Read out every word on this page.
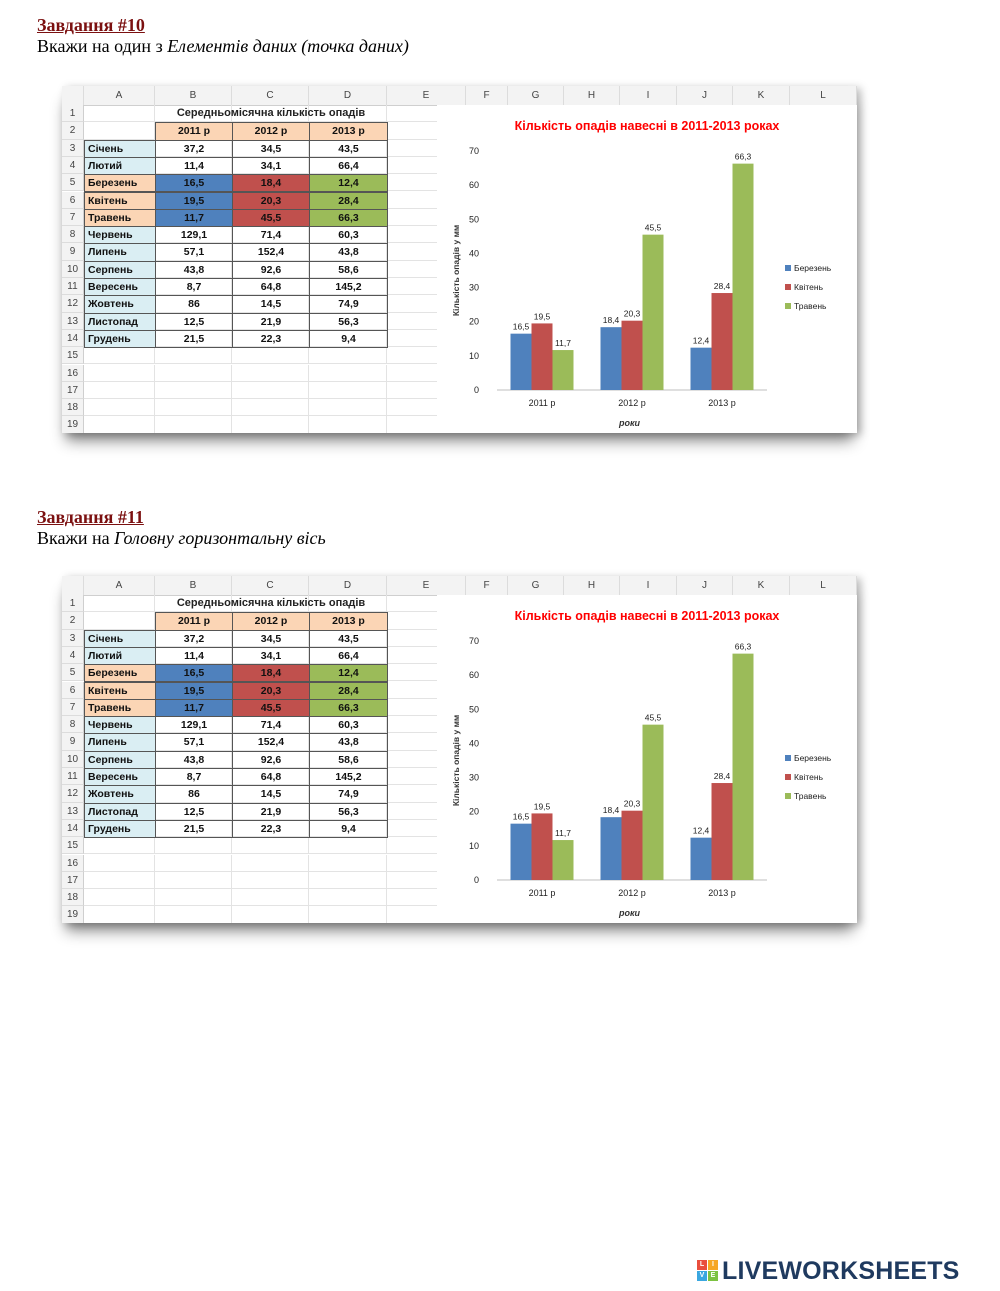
Завдання #10
Вкажи на один з Елементів даних (точка даних)
A	B	C	D	E	F	G	H	I	J	K	L
1
2
3
4
5
6
7
8
9
10
11
12
13
14
15
16
17
18
19
Середньомісячна кількість опадів
2011 р	2012 р	2013 р
Січень	37,2	34,5	43,5
Лютий	11,4	34,1	66,4
Березень	16,5	18,4	12,4
Квітень	19,5	20,3	28,4
Травень	11,7	45,5	66,3
Червень	129,1	71,4	60,3
Липень	57,1	152,4	43,8
Серпень	43,8	92,6	58,6
Вересень	8,7	64,8	145,2
Жовтень	86	14,5	74,9
Листопад	12,5	21,9	56,3
Грудень	21,5	22,3	9,4
Кількість опадів навесні в 2011-2013 роках
0
10
20
30
40
50
60
70
Кількість опадів у мм
16,5
19,5
11,7
2011 р
18,4
20,3
45,5
2012 р
12,4
28,4
66,3
2013 р
роки
Березень
Квітень
Травень
Завдання #11
Вкажи на Головну горизонтальну вісь
A	B	C	D	E	F	G	H	I	J	K	L
1
2
3
4
5
6
7
8
9
10
11
12
13
14
15
16
17
18
19
Середньомісячна кількість опадів
2011 р	2012 р	2013 р
Січень	37,2	34,5	43,5
Лютий	11,4	34,1	66,4
Березень	16,5	18,4	12,4
Квітень	19,5	20,3	28,4
Травень	11,7	45,5	66,3
Червень	129,1	71,4	60,3
Липень	57,1	152,4	43,8
Серпень	43,8	92,6	58,6
Вересень	8,7	64,8	145,2
Жовтень	86	14,5	74,9
Листопад	12,5	21,9	56,3
Грудень	21,5	22,3	9,4
Кількість опадів навесні в 2011-2013 роках
0
10
20
30
40
50
60
70
Кількість опадів у мм
16,5
19,5
11,7
2011 р
18,4
20,3
45,5
2012 р
12,4
28,4
66,3
2013 р
роки
Березень
Квітень
Травень
L	I
V E LIVEWORKSHEETS
